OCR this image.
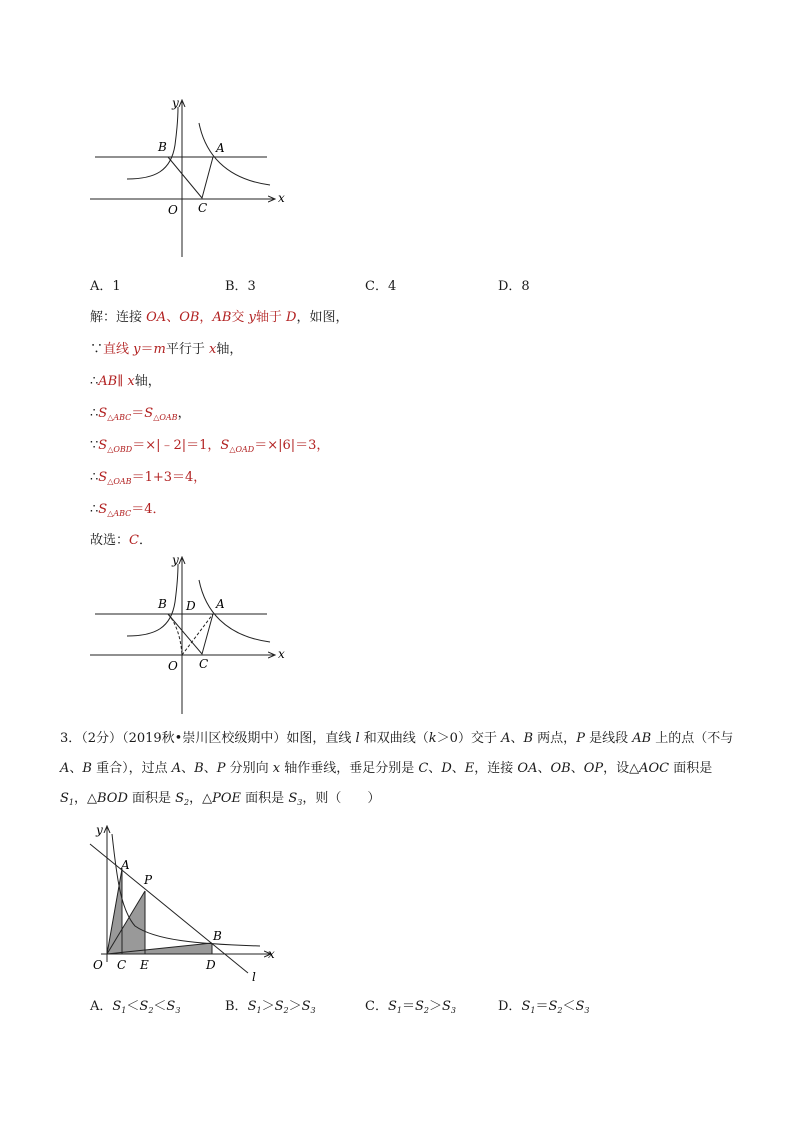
y
B	A
O C
x
A．1	B．3	C．4	D．8
解：连接 OA、OB，AB交 y轴于 D，如图，
∵直线 y＝m平行于 x轴，
∴AB∥ x轴，
$\therefore S_{\triangle ABC}=S_{\triangle OAB}$，
$\because S_{\triangle OBD}=\times|﹣2|=1$，$S_{\triangle OAD}=\times|6|=3$，
$\therefore S_{\triangle OAB}=1+3=4$，
$\therefore S_{\triangle ABC}=4$．
故选：C．
y
B D A
O C
x
3．（2分）（2019秋•崇川区校级期中）如图，直线 l 和双曲线（k＞0）交于 A、B 两点，P 是线段 AB 上的点（不与 A、B 重合），过点 A、B、P 分别向 x 轴作垂线，垂足分别是 C、D、E，连接 OA、OB、OP，设△AOC 面积是 $S_1$，△BOD 面积是 $S_2$，△POE 面积是 $S_3$，则（　　）
y
A
P
B
O C E	D
x
l
A．$S_1<S_2<S_3$	B．$S_1>S_2>S_3$	C．$S_1=S_2>S_3$	D．$S_1=S_2<S_3$
